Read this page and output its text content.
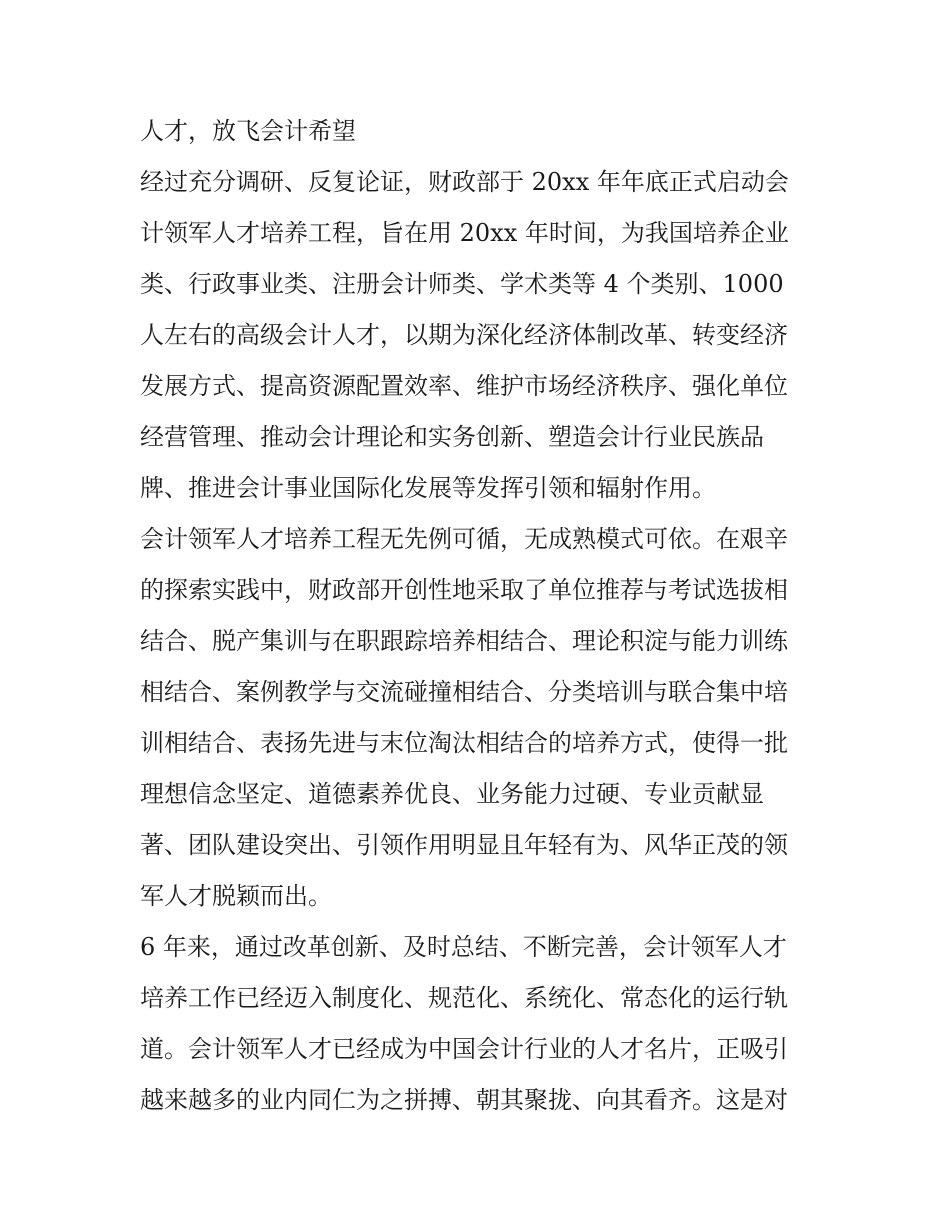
人才，放飞会计希望
经过充分调研、反复论证，财政部于 20xx 年年底正式启动会
计领军人才培养工程，旨在用 20xx 年时间，为我国培养企业
类、行政事业类、注册会计师类、学术类等 4 个类别、1000
人左右的高级会计人才，以期为深化经济体制改革、转变经济
发展方式、提高资源配置效率、维护市场经济秩序、强化单位
经营管理、推动会计理论和实务创新、塑造会计行业民族品
牌、推进会计事业国际化发展等发挥引领和辐射作用。
会计领军人才培养工程无先例可循，无成熟模式可依。在艰辛
的探索实践中，财政部开创性地采取了单位推荐与考试选拔相
结合、脱产集训与在职跟踪培养相结合、理论积淀与能力训练
相结合、案例教学与交流碰撞相结合、分类培训与联合集中培
训相结合、表扬先进与末位淘汰相结合的培养方式，使得一批
理想信念坚定、道德素养优良、业务能力过硬、专业贡献显
著、团队建设突出、引领作用明显且年轻有为、风华正茂的领
军人才脱颖而出。
6 年来，通过改革创新、及时总结、不断完善，会计领军人才
培养工作已经迈入制度化、规范化、系统化、常态化的运行轨
道。会计领军人才已经成为中国会计行业的人才名片，正吸引
越来越多的业内同仁为之拼搏、朝其聚拢、向其看齐。这是对
